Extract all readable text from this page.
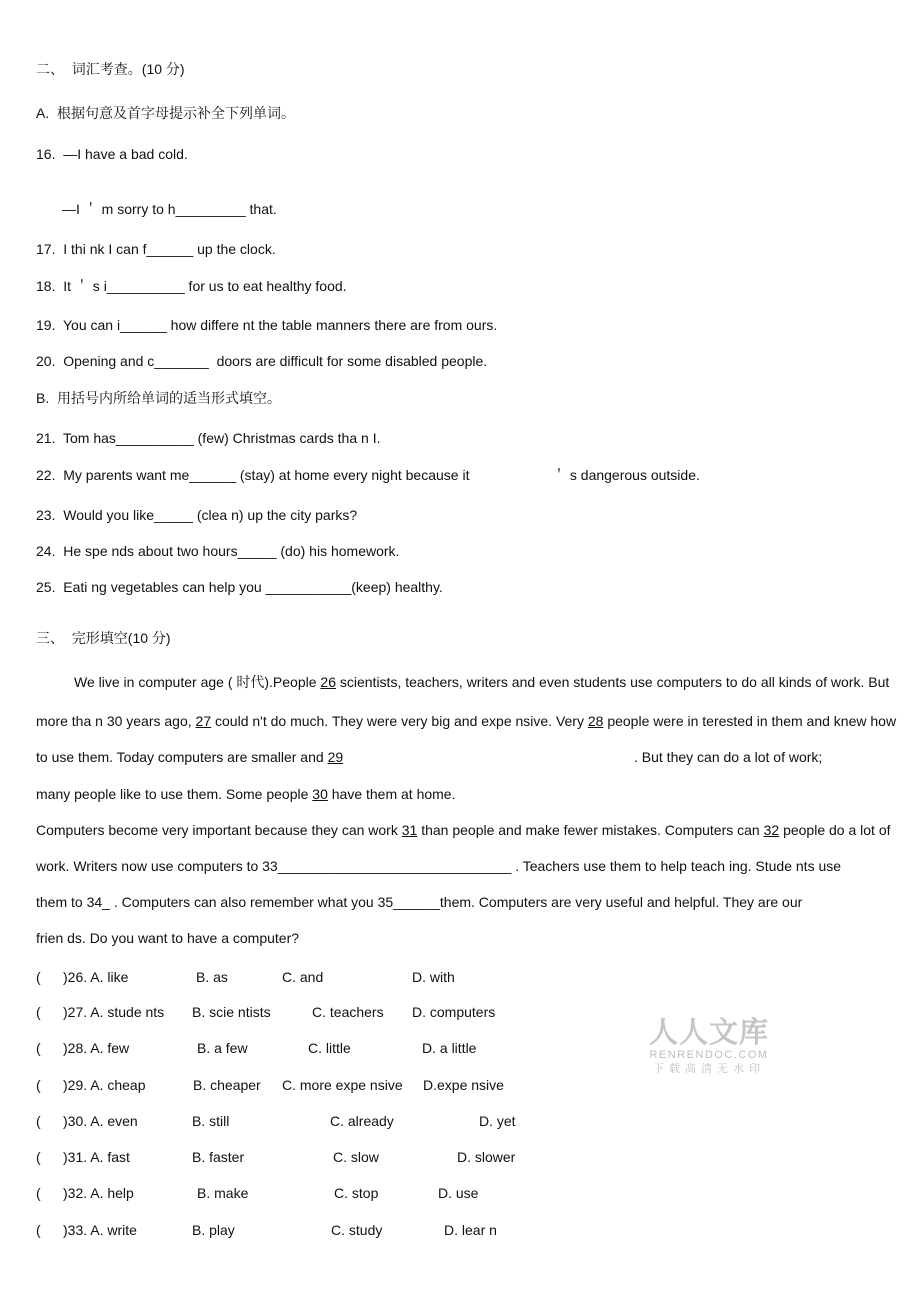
二、  词汇考查。(10 分)
A.  根据句意及首字母提示补全下列单词。
16.  —I have a bad cold.
—I ＇ m sorry to h_________ that.
17.  I thi nk I can f______ up the clock.
18.  It ＇ s i__________ for us to eat healthy food.
19.  You can i______ how differe nt the table manners there are from ours.
20.  Opening and c_______  doors are difficult for some disabled people.
B.  用括号内所给单词的适当形式填空。
21.  Tom has__________ (few) Christmas cards tha n I.
22.  My parents want me______ (stay) at home every night because it	＇ s dangerous outside.
23.  Would you like_____ (clea n) up the city parks?
24.  He spe nds about two hours_____ (do) his homework.
25.  Eati ng vegetables can help you ___________(keep) healthy.
三、  完形填空(10 分)
We live in computer age ( 时代).People 26 scientists, teachers, writers and even students use computers to do all kinds of work. But
more tha n 30 years ago, 27 could n't do much. They were very big and expe nsive. Very 28 people were in terested in them and knew how
to use them. Today computers are smaller and 29	. But they can do a lot of work;
many people like to use them. Some people 30 have them at home.
Computers become very important because they can work 31 than people and make fewer mistakes. Computers can 32 people do a lot of
work. Writers now use computers to 33______________________________ . Teachers use them to help teach ing. Stude nts use
them to 34_ . Computers can also remember what you 35______them. Computers are very useful and helpful. They are our
frien ds. Do you want to have a computer?
( )26. A. like	B. as	C. and	D. with
( )27. A. stude nts B. scie ntists	C. teachers D. computers
( )28. A. few	B. a few	C. little	D. a little
( )29. A. cheap	B. cheaper C. more expe nsive D.expe nsive
( )30. A. even	B. still	C. already	D. yet
( )31. A. fast	B. faster	C. slow	D. slower
( )32. A. help	B. make	C. stop	D. use
( )33. A. write	B. play	C. study	D. lear n
人人文库
RENRENDOC.COM
下载高清无水印
